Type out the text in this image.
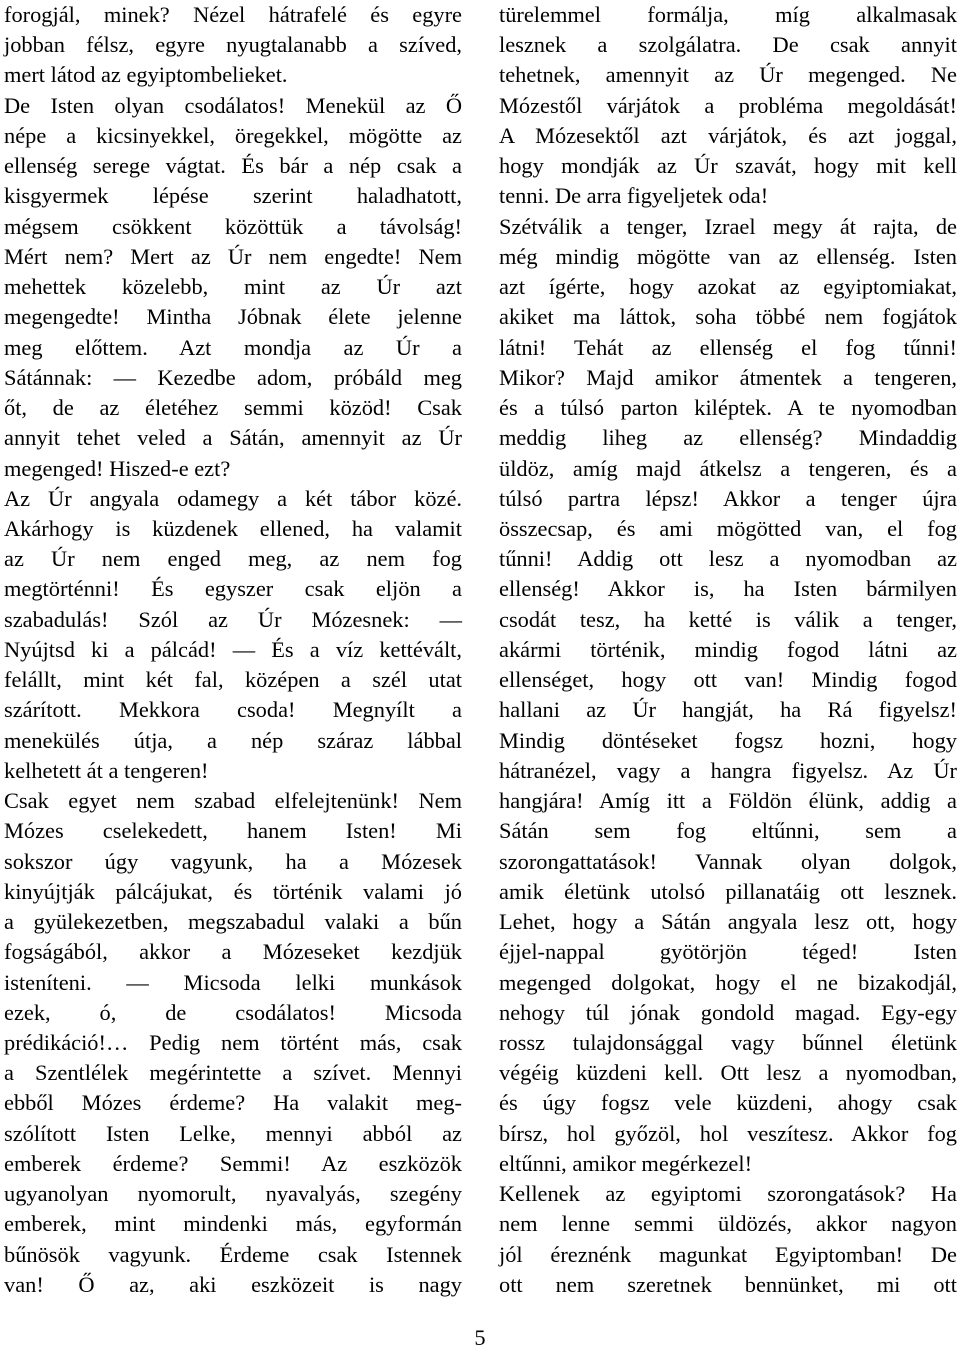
forogjál, minek? Nézel hátrafelé és egyre
jobban félsz, egyre nyugtalanabb a szíved,
mert látod az egyiptombelieket.
De Isten olyan csodálatos! Menekül az Ő
népe a kicsinyekkel, öregekkel, mögötte az
ellenség serege vágtat. És bár a nép csak a
kisgyermek lépése szerint haladhatott,
mégsem csökkent közöttük a távolság!
Mért nem? Mert az Úr nem engedte! Nem
mehettek közelebb, mint az Úr azt
megengedte! Mintha Jóbnak élete jelenne
meg előttem. Azt mondja az Úr a
Sátánnak: — Kezedbe adom, próbáld meg
őt, de az életéhez semmi közöd! Csak
annyit tehet veled a Sátán, amennyit az Úr
megenged! Hiszed-e ezt?
Az Úr angyala odamegy a két tábor közé.
Akárhogy is küzdenek ellened, ha valamit
az Úr nem enged meg, az nem fog
megtörténni! És egyszer csak eljön a
szabadulás! Szól az Úr Mózesnek: —
Nyújtsd ki a pálcád! — És a víz kettévált,
felállt, mint két fal, középen a szél utat
szárított. Mekkora csoda! Megnyílt a
menekülés útja, a nép száraz lábbal
kelhetett át a tengeren!
Csak egyet nem szabad elfelejtenünk! Nem
Mózes cselekedett, hanem Isten! Mi
sokszor úgy vagyunk, ha a Mózesek
kinyújtják pálcájukat, és történik valami jó
a gyülekezetben, megszabadul valaki a bűn
fogságából, akkor a Mózeseket kezdjük
isteníteni. — Micsoda lelki munkások
ezek, ó, de csodálatos! Micsoda
prédikáció!… Pedig nem történt más, csak
a Szentlélek megérintette a szívet. Mennyi
ebből Mózes érdeme? Ha valakit meg-
szólított Isten Lelke, mennyi abból az
emberek érdeme? Semmi! Az eszközök
ugyanolyan nyomorult, nyavalyás, szegény
emberek, mint mindenki más, egyformán
bűnösök vagyunk. Érdeme csak Istennek
van! Ő az, aki eszközeit is nagy
türelemmel formálja, míg alkalmasak
lesznek a szolgálatra. De csak annyit
tehetnek, amennyit az Úr megenged. Ne
Mózestől várjátok a probléma megoldását!
A Mózesektől azt várjátok, és azt joggal,
hogy mondják az Úr szavát, hogy mit kell
tenni. De arra figyeljetek oda!
Szétválik a tenger, Izrael megy át rajta, de
még mindig mögötte van az ellenség. Isten
azt ígérte, hogy azokat az egyiptomiakat,
akiket ma láttok, soha többé nem fogjátok
látni! Tehát az ellenség el fog tűnni!
Mikor? Majd amikor átmentek a tengeren,
és a túlsó parton kiléptek. A te nyomodban
meddig liheg az ellenség? Mindaddig
üldöz, amíg majd átkelsz a tengeren, és a
túlsó partra lépsz! Akkor a tenger újra
összecsap, és ami mögötted van, el fog
tűnni! Addig ott lesz a nyomodban az
ellenség! Akkor is, ha Isten bármilyen
csodát tesz, ha ketté is válik a tenger,
akármi történik, mindig fogod látni az
ellenséget, hogy ott van! Mindig fogod
hallani az Úr hangját, ha Rá figyelsz!
Mindig döntéseket fogsz hozni, hogy
hátranézel, vagy a hangra figyelsz. Az Úr
hangjára! Amíg itt a Földön élünk, addig a
Sátán sem fog eltűnni, sem a
szorongattatások! Vannak olyan dolgok,
amik életünk utolsó pillanatáig ott lesznek.
Lehet, hogy a Sátán angyala lesz ott, hogy
éjjel-nappal gyötörjön téged! Isten
megenged dolgokat, hogy el ne bizakodjál,
nehogy túl jónak gondold magad. Egy-egy
rossz tulajdonsággal vagy bűnnel életünk
végéig küzdeni kell. Ott lesz a nyomodban,
és úgy fogsz vele küzdeni, ahogy csak
bírsz, hol győzöl, hol veszítesz. Akkor fog
eltűnni, amikor megérkezel!
Kellenek az egyiptomi szorongatások? Ha
nem lenne semmi üldözés, akkor nagyon
jól éreznénk magunkat Egyiptomban! De
ott nem szeretnek bennünket, mi ott
5
